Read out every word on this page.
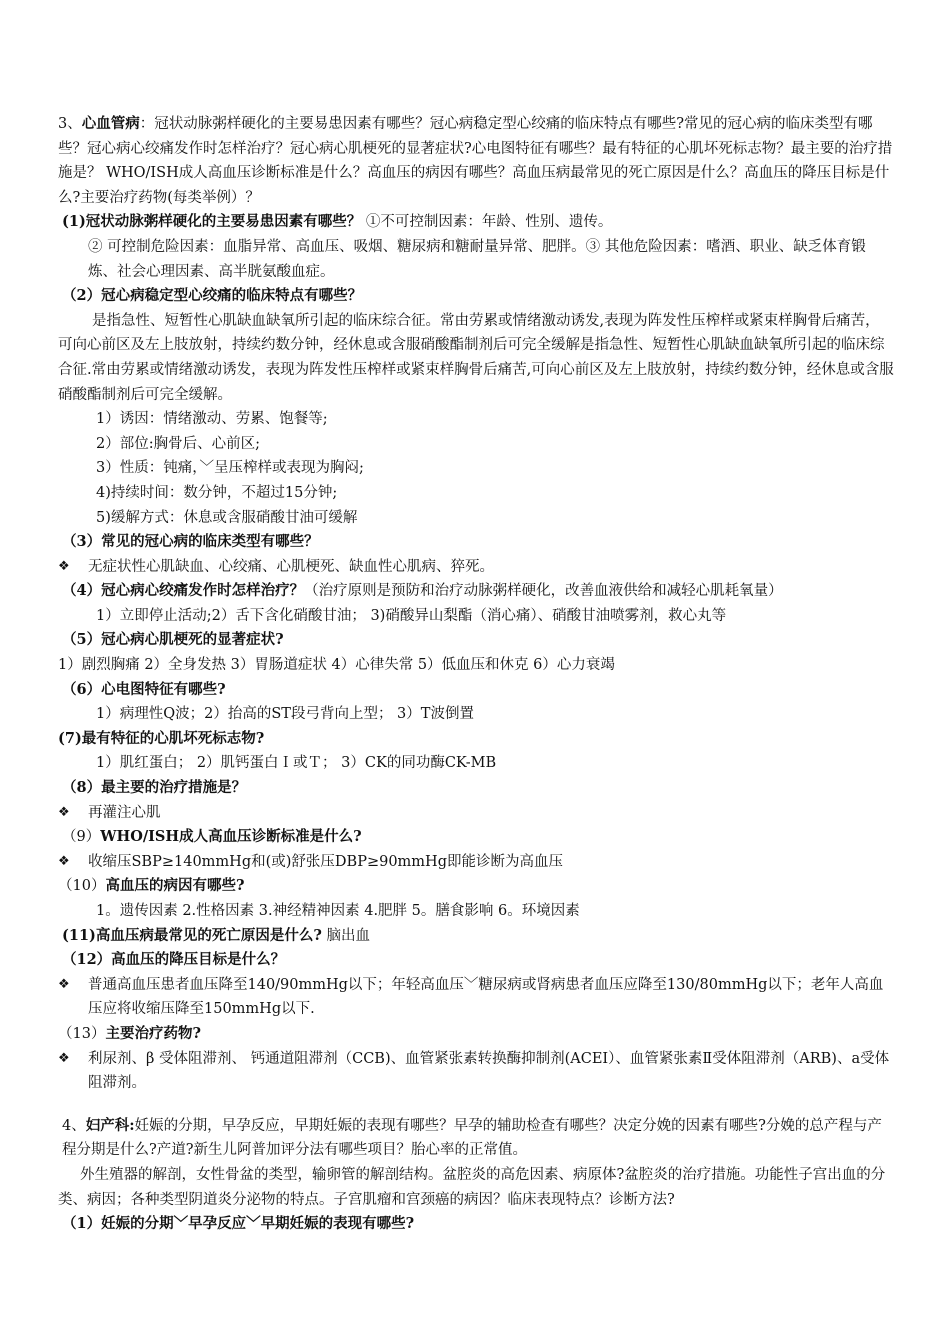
3、心血管病：冠状动脉粥样硬化的主要易患因素有哪些？冠心病稳定型心绞痛的临床特点有哪些?常见的冠心病的临床类型有哪些？冠心病心绞痛发作时怎样治疗？冠心病心肌梗死的显著症状?心电图特征有哪些？最有特征的心肌坏死标志物？最主要的治疗措施是？ WHO/ISH成人高血压诊断标准是什么？高血压的病因有哪些？高血压病最常见的死亡原因是什么？高血压的降压目标是什么?主要治疗药物(每类举例）？
(1)冠状动脉粥样硬化的主要易患因素有哪些？ ①不可控制因素：年龄、性别、遗传。
② 可控制危险因素：血脂异常、高血压、吸烟、糖尿病和糖耐量异常、肥胖。③ 其他危险因素：嗜酒、职业、缺乏体育锻炼、社会心理因素、高半胱氨酸血症。
（2）冠心病稳定型心绞痛的临床特点有哪些？
是指急性、短暂性心肌缺血缺氧所引起的临床综合征。常由劳累或情绪激动诱发,表现为阵发性压榨样或紧束样胸骨后痛苦，可向心前区及左上肢放射，持续约数分钟，经休息或含服硝酸酯制剂后可完全缓解是指急性、短暂性心肌缺血缺氧所引起的临床综合征.常由劳累或情绪激动诱发，表现为阵发性压榨样或紧束样胸骨后痛苦,可向心前区及左上肢放射，持续约数分钟，经休息或含服硝酸酯制剂后可完全缓解。
1）诱因：情绪激动、劳累、饱餐等;
2）部位:胸骨后、心前区;
3）性质：钝痛，﹀呈压榨样或表现为胸闷;
4)持续时间：数分钟，不超过15分钟;
5)缓解方式：休息或含服硝酸甘油可缓解
（3）常见的冠心病的临床类型有哪些？
❖	无症状性心肌缺血、心绞痛、心肌梗死、缺血性心肌病、猝死。
（4）冠心病心绞痛发作时怎样治疗？（治疗原则是预防和治疗动脉粥样硬化，改善血液供给和减轻心肌耗氧量）
1）立即停止活动;2）舌下含化硝酸甘油； 3)硝酸异山梨酯（消心痛）、硝酸甘油喷雾剂，救心丸等
（5）冠心病心肌梗死的显著症状?
1）剧烈胸痛 2）全身发热 3）胃肠道症状 4）心律失常 5）低血压和休克 6）心力衰竭
（6）心电图特征有哪些?
1）病理性Q波；2）抬高的ST段弓背向上型； 3）T波倒置
(7)最有特征的心肌坏死标志物?
1）肌红蛋白； 2）肌钙蛋白Ｉ或Ｔ； 3）CK的同功酶CK-MB
（8）最主要的治疗措施是？
❖	再灌注心肌
（9）WHO/ISH成人高血压诊断标准是什么?
❖	收缩压SBP≥140mmHg和(或)舒张压DBP≥90mmHg即能诊断为高血压
（10）高血压的病因有哪些?
1。遗传因素 2.性格因素 3.神经精神因素 4.肥胖 5。膳食影响 6。环境因素
(11)高血压病最常见的死亡原因是什么? 脑出血
（12）高血压的降压目标是什么？
❖	普通高血压患者血压降至140/90mmHg以下；年轻高血压﹀糖尿病或肾病患者血压应降至130/80mmHg以下；老年人高血压应将收缩压降至150mmHg以下.
（13）主要治疗药物?
❖	利尿剂、β 受体阻滞剂、 钙通道阻滞剂（CCB)、血管紧张素转换酶抑制剂(ACEI）、血管紧张素Ⅱ受体阻滞剂（ARB)、a受体阻滞剂。
4、妇产科:妊娠的分期，早孕反应，早期妊娠的表现有哪些？早孕的辅助检查有哪些？决定分娩的因素有哪些?分娩的总产程与产程分期是什么?产道?新生儿阿普加评分法有哪些项目？胎心率的正常值。
外生殖器的解剖，女性骨盆的类型，输卵管的解剖结构。盆腔炎的高危因素、病原体?盆腔炎的治疗措施。功能性子宫出血的分类、病因；各种类型阴道炎分泌物的特点。子宫肌瘤和宫颈癌的病因？临床表现特点？诊断方法?
（1）妊娠的分期﹀早孕反应﹀早期妊娠的表现有哪些?
